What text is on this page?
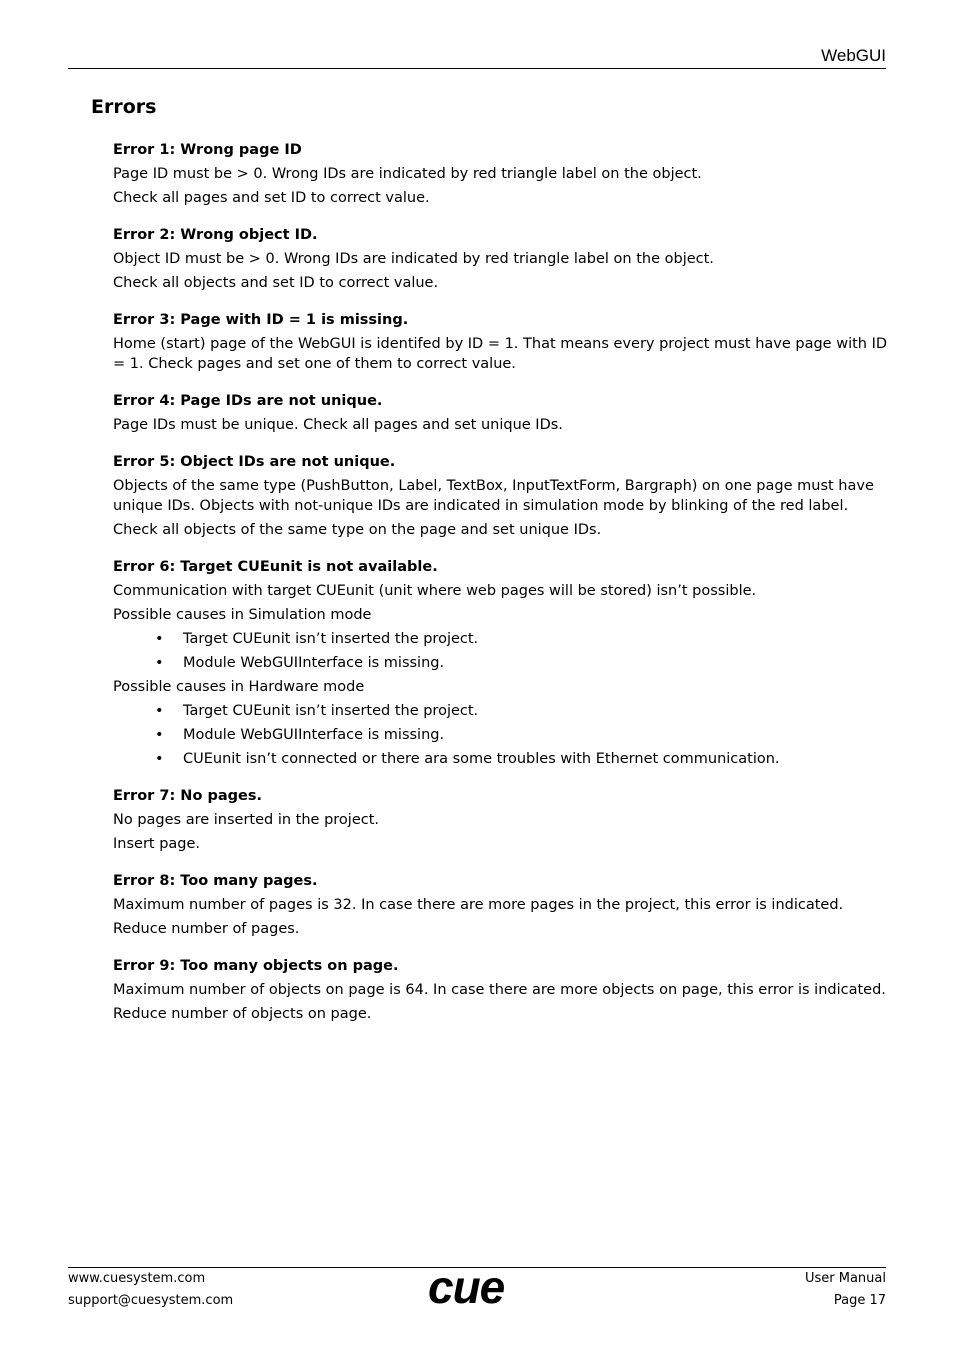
WebGUI
Errors
Error 1: Wrong page ID
Page ID must be > 0. Wrong IDs are indicated by red triangle label on the object.
Check all pages and set ID to correct value.
Error 2: Wrong object ID.
Object ID must be > 0. Wrong IDs are indicated by red triangle label on the object.
Check all objects and set ID to correct value.
Error 3: Page with ID = 1 is missing.
Home (start) page of the WebGUI is identifed by ID = 1. That means every project must have page with ID = 1. Check pages and set one of them to correct value.
Error 4: Page IDs are not unique.
Page IDs must be unique. Check all pages and set unique IDs.
Error 5: Object IDs are not unique.
Objects of the same type (PushButton, Label, TextBox, InputTextForm, Bargraph) on one page must have unique IDs. Objects with not-unique IDs are indicated in simulation mode by blinking of the red label.
Check all objects of the same type on the page and set unique IDs.
Error 6: Target CUEunit is not available.
Communication with target CUEunit (unit where web pages will be stored) isn’t possible.
Possible causes in Simulation mode
• Target CUEunit isn’t inserted the project.
• Module WebGUIInterface is missing.
Possible causes in Hardware mode
• Target CUEunit isn’t inserted the project.
• Module WebGUIInterface is missing.
• CUEunit isn’t connected or there ara some troubles with Ethernet communication.
Error 7: No pages.
No pages are inserted in the project.
Insert page.
Error 8: Too many pages.
Maximum number of pages is 32. In case there are more pages in the project, this error is indicated.
Reduce number of pages.
Error 9: Too many objects on page.
Maximum number of objects on page is 64. In case there are more objects on page, this error is indicated.
Reduce number of objects on page.
www.cuesystem.com
support@cuesystem.com	cue	User Manual
Page 17
